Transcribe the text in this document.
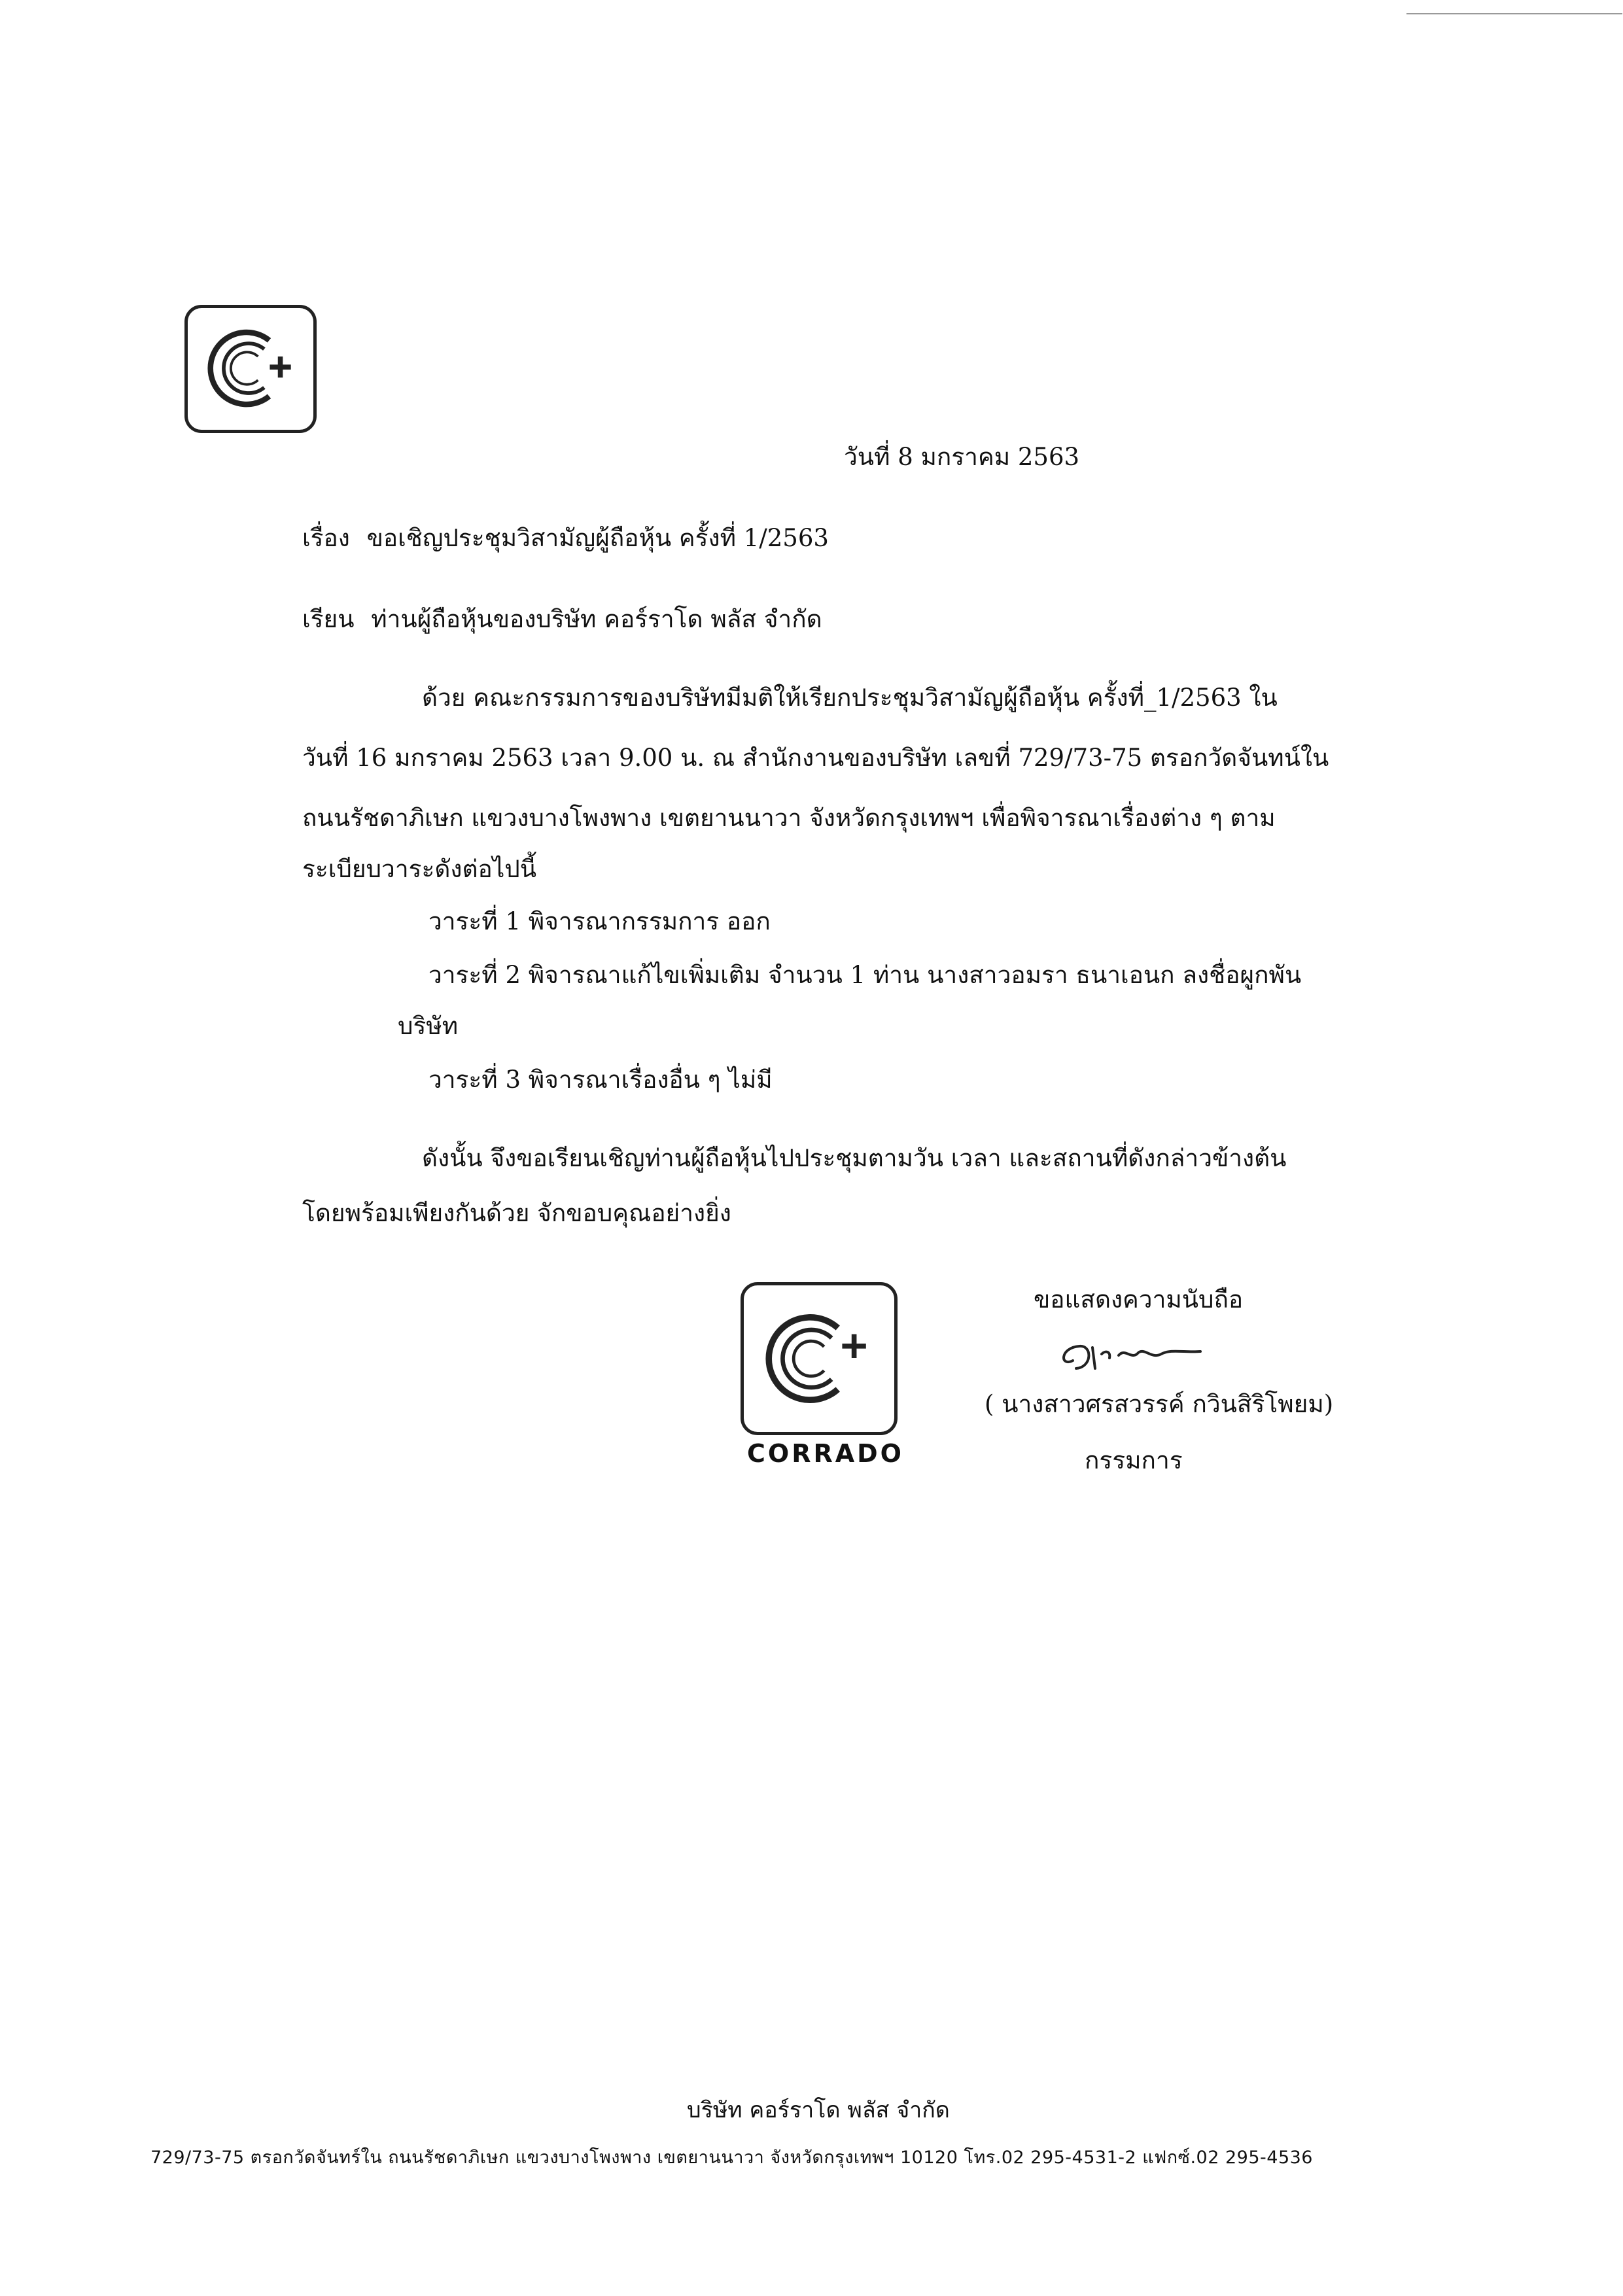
วันที่ 8 มกราคม 2563
เรื่อง ขอเชิญประชุมวิสามัญผู้ถือหุ้น ครั้งที่ 1/2563
เรียน ท่านผู้ถือหุ้นของบริษัท คอร์ราโด พลัส จำกัด
ด้วย คณะกรรมการของบริษัทมีมติให้เรียกประชุมวิสามัญผู้ถือหุ้น ครั้งที่_1/2563 ใน
วันที่ 16 มกราคม 2563 เวลา 9.00 น. ณ สำนักงานของบริษัท เลขที่ 729/73-75 ตรอกวัดจันทน์ใน
ถนนรัชดาภิเษก แขวงบางโพงพาง เขตยานนาวา จังหวัดกรุงเทพฯ เพื่อพิจารณาเรื่องต่าง ๆ ตาม
ระเบียบวาระดังต่อไปนี้
วาระที่ 1 พิจารณากรรมการ ออก
วาระที่ 2 พิจารณาแก้ไขเพิ่มเติม จำนวน 1 ท่าน นางสาวอมรา ธนาเอนก ลงชื่อผูกพัน
บริษัท
วาระที่ 3 พิจารณาเรื่องอื่น ๆ ไม่มี
ดังนั้น จึงขอเรียนเชิญท่านผู้ถือหุ้นไปประชุมตามวัน เวลา และสถานที่ดังกล่าวข้างต้น
โดยพร้อมเพียงกันด้วย จักขอบคุณอย่างยิ่ง
CORRADO
ขอแสดงความนับถือ
( นางสาวศรสวรรค์ กวินสิริโพยม)
กรรมการ
บริษัท คอร์ราโด พลัส จำกัด
729/73-75 ตรอกวัดจันทร์ใน ถนนรัชดาภิเษก แขวงบางโพงพาง เขตยานนาวา จังหวัดกรุงเทพฯ 10120 โทร.02 295-4531-2 แฟกซ์.02 295-4536
